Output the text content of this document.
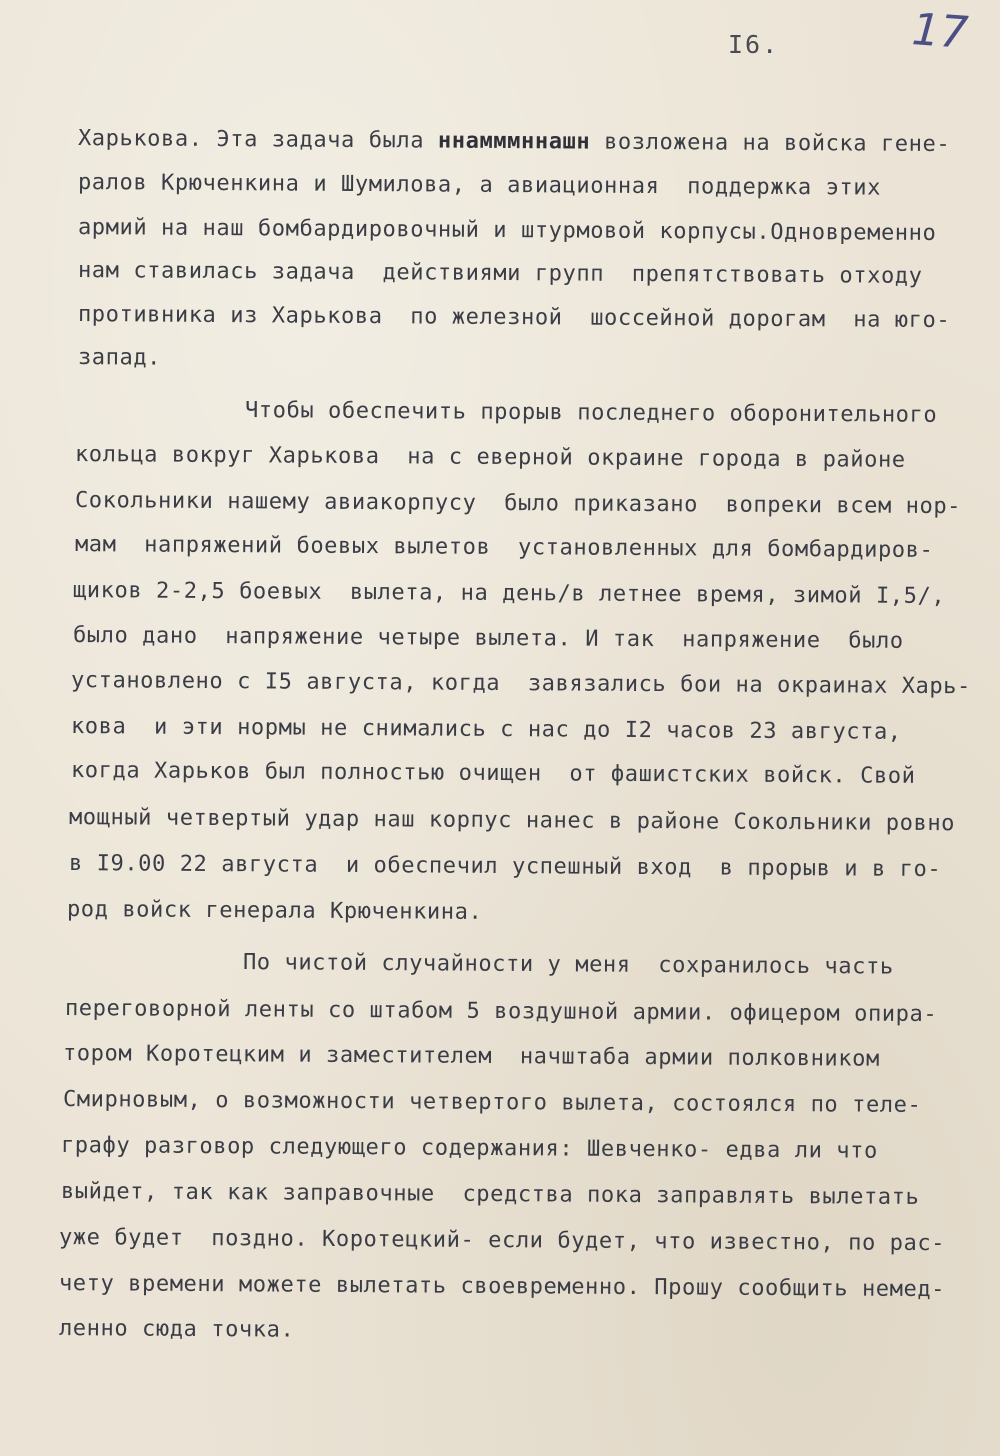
I6.	17
Харькова. Эта задача была ннамммннашн возложена на войска гене-
ралов Крюченкина и Шумилова, а авиационная  поддержка этих
армий на наш бомбардировочный и штурмовой корпусы.Одновременно
нам ставилась задача  действиями групп  препятствовать отходу
противника из Харькова  по железной  шоссейной дорогам  на юго-
запад.
Чтобы обеспечить прорыв последнего оборонительного
кольца вокруг Харькова  на с еверной окраине города в районе
Сокольники нашему авиакорпусу  было приказано  вопреки всем нор-
мам  напряжений боевых вылетов  установленных для бомбардиров-
щиков 2-2,5 боевых  вылета, на день/в летнее время, зимой I,5/,
было дано  напряжение четыре вылета. И так  напряжение  было
установлено с I5 августа, когда  завязались бои на окраинах Харь-
кова  и эти нормы не снимались с нас до I2 часов 23 августа,
когда Харьков был полностью очищен  от фашистских войск. Свой
мощный четвертый удар наш корпус нанес в районе Сокольники ровно
в I9.00 22 августа  и обеспечил успешный вход  в прорыв и в го-
род войск генерала Крюченкина.
По чистой случайности у меня  сохранилось часть
переговорной ленты со штабом 5 воздушной армии. офицером опира-
тором Коротецким и заместителем  начштаба армии полковником
Смирновым, о возможности четвертого вылета, состоялся по теле-
графу разговор следующего содержания: Шевченко- едва ли что
выйдет, так как заправочные  средства пока заправлять вылетать
уже будет  поздно. Коротецкий- если будет, что известно, по рас-
чету времени можете вылетать своевременно. Прошу сообщить немед-
ленно сюда точка.
